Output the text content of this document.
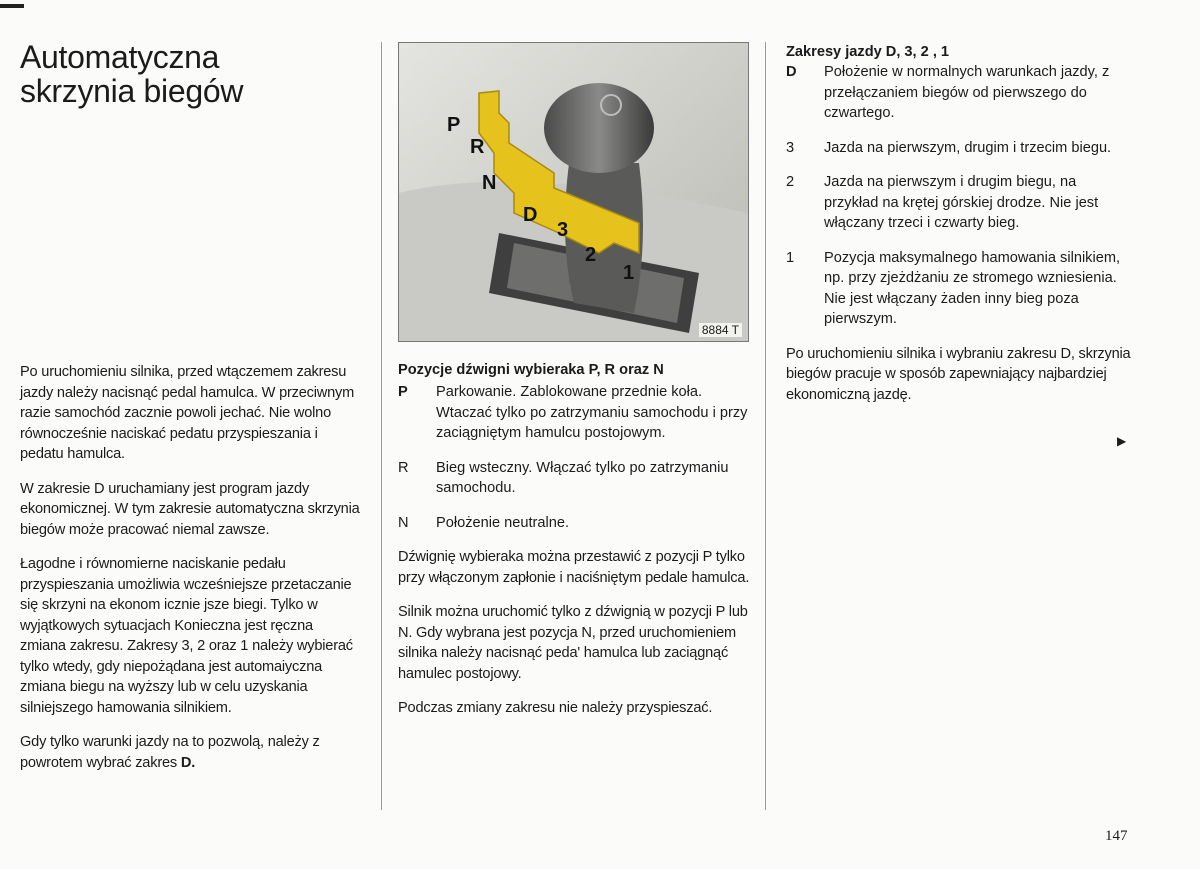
Automatyczna
skrzynia biegów

Po uruchomieniu silnika, przed wtączemem zakresu jazdy należy nacisnąć pedal hamulca. W przeciwnym razie samochód zacznie powoli jechać. Nie wolno równocześnie naciskać pedatu przyspieszania i pedatu hamulca.

W zakresie D uruchamiany jest program jazdy ekonomicznej. W tym zakresie automatyczna skrzynia biegów może pracować niemal zawsze.

Łagodne i równomierne naciskanie pedału przyspieszania umożliwia wcześniejsze przetaczanie się skrzyni na ekonom icznie jsze biegi. Tylko w wyjątkowych sytuacjach Konieczna jest ręczna zmiana zakresu. Zakresy 3, 2 oraz 1 należy wybierać tylko wtedy, gdy niepożądana jest automaiyczna zmiana biegu na wyższy lub w celu uzyskania silniejszego hamowania silnikiem.

Gdy tylko warunki jazdy na to pozwolą, należy z powrotem wybrać zakres D.

P
R
N
D
3
2
1
8884 T

Pozycje dźwigni wybieraka P, R oraz N

P	Parkowanie. Zablokowane przednie koła. Wtaczać tylko po zatrzymaniu samochodu i przy zaciągniętym hamulcu postojowym.
R	Bieg wsteczny. Włączać tylko po zatrzymaniu samochodu.
N	Położenie neutralne.

Dźwignię wybieraka można przestawić z pozycji P tylko przy włączonym zapłonie i naciśniętym pedale hamulca.

Silnik można uruchomić tylko z dźwignią w pozycji P lub N. Gdy wybrana jest pozycja N, przed uruchomieniem silnika należy nacisnąć peda' hamulca lub zaciągnąć hamulec postojowy.

Podczas zmiany zakresu nie należy przyspieszać.

Zakresy jazdy D, 3, 2 , 1

D	Położenie w normalnych warunkach jazdy, z przełączaniem biegów od pierwszego do czwartego.
3	Jazda na pierwszym, drugim i trzecim biegu.
2	Jazda na pierwszym i drugim biegu, na przykład na krętej górskiej drodze. Nie jest włączany trzeci i czwarty bieg.
1	Pozycja maksymalnego hamowania silnikiem, np. przy zjeżdżaniu ze stromego wzniesienia. Nie jest włączany żaden inny bieg poza pierwszym.

Po uruchomieniu silnika i wybraniu zakresu D, skrzynia biegów pracuje w sposób zapewniający najbardziej ekonomiczną jazdę.

▶
147
